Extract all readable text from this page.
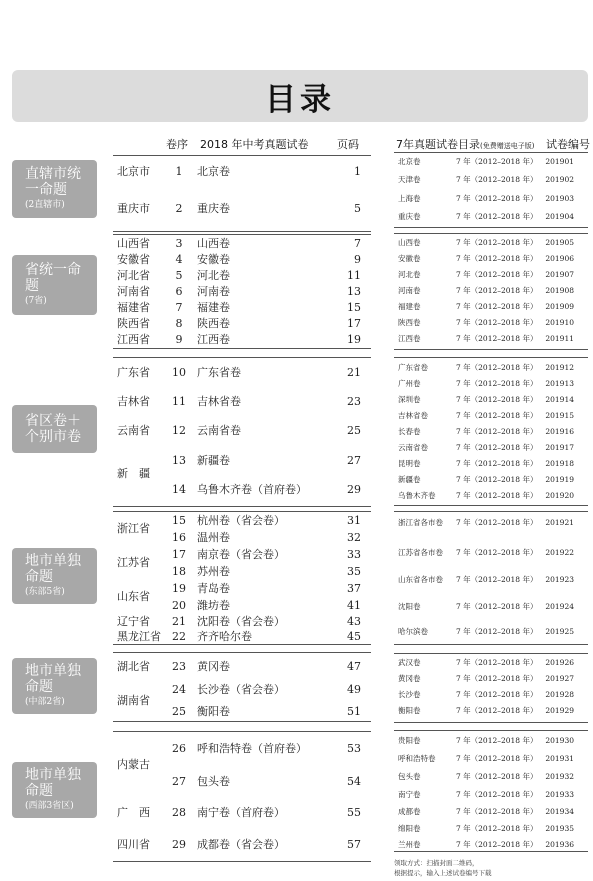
目录
卷序 2018 年中考真题试卷	页码	7年真题试卷目录(免费赠送电子版) 试卷编号
直辖市统
一命题
(2直辖市)
省统一命
题
(7省)
省区卷＋
个别市卷
地市单独
命题
(东部5省)
地市单独
命题
(中部2省)
地市单独
命题
(西部3省区)
北京市	1	北京卷	1
重庆市	2	重庆卷	5
山西省	3	山西卷	7
安徽省	4	安徽卷	9
河北省	5	河北卷	11
河南省	6	河南卷	13
福建省	7	福建卷	15
陕西省	8	陕西卷	17
江西省	9	江西卷	19
广东省 10 广东省卷	21
吉林省 11 吉林省卷	23
云南省 12 云南省卷	25
13 新疆卷	27
新　疆
14 乌鲁木齐卷（首府卷）	29
15 杭州卷（省会卷）	31
浙江省
16 温州卷	32
17 南京卷（省会卷）	33
江苏省
18 苏州卷	35
19 青岛卷	37
山东省
20 潍坊卷	41
辽宁省 21 沈阳卷（省会卷）	43
黑龙江省 22 齐齐哈尔卷	45
湖北省 23 黄冈卷	47
24 长沙卷（省会卷）	49
湖南省
25 衡阳卷	51
26 呼和浩特卷（首府卷）	53
内蒙古
27 包头卷	54
广　西 28 南宁卷（首府卷）	55
四川省 29 成都卷（省会卷）	57
北京卷	7 年（2012–2018 年） 201901
天津卷	7 年（2012–2018 年） 201902
上海卷	7 年（2012–2018 年） 201903
重庆卷	7 年（2012–2018 年） 201904
山西卷	7 年（2012–2018 年） 201905
安徽卷	7 年（2012–2018 年） 201906
河北卷	7 年（2012–2018 年） 201907
河南卷	7 年（2012–2018 年） 201908
福建卷	7 年（2012–2018 年） 201909
陕西卷	7 年（2012–2018 年） 201910
江西卷	7 年（2012–2018 年） 201911
广东省卷	7 年（2012–2018 年） 201912
广州卷	7 年（2012–2018 年） 201913
深圳卷	7 年（2012–2018 年） 201914
吉林省卷	7 年（2012–2018 年） 201915
长春卷	7 年（2012–2018 年） 201916
云南省卷	7 年（2012–2018 年） 201917
昆明卷	7 年（2012–2018 年） 201918
新疆卷	7 年（2012–2018 年） 201919
乌鲁木齐卷	7 年（2012–2018 年） 201920
浙江省各市卷 7 年（2012–2018 年） 201921
江苏省各市卷 7 年（2012–2018 年） 201922
山东省各市卷 7 年（2012–2018 年） 201923
沈阳卷	7 年（2012–2018 年） 201924
哈尔滨卷	7 年（2012–2018 年） 201925
武汉卷	7 年（2012–2018 年） 201926
黄冈卷	7 年（2012–2018 年） 201927
长沙卷	7 年（2012–2018 年） 201928
衡阳卷	7 年（2012–2018 年） 201929
贵阳卷	7 年（2012–2018 年） 201930
呼和浩特卷	7 年（2012–2018 年） 201931
包头卷	7 年（2012–2018 年） 201932
南宁卷	7 年（2012–2018 年） 201933
成都卷	7 年（2012–2018 年） 201934
绵阳卷	7 年（2012–2018 年） 201935
兰州卷	7 年（2012–2018 年） 201936
领取方式：扫描封面二维码，
根据提示，输入上述试卷编号下载
